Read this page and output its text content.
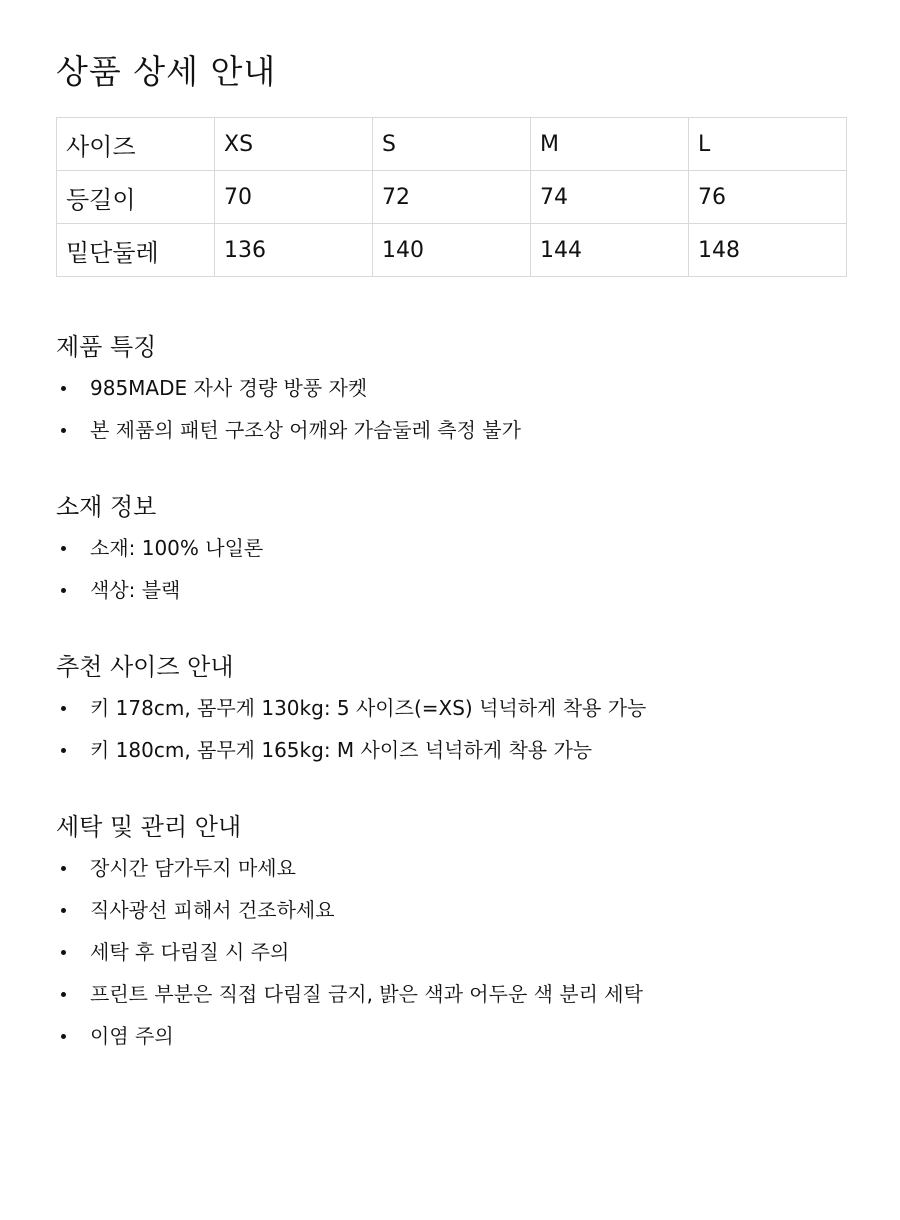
상품 상세 안내
사이즈	XS	S	M	L
등길이	70	72	74	76
밑단둘레	136	140	144	148
제품 특징
985MADE 자사 경량 방풍 자켓
본 제품의 패턴 구조상 어깨와 가슴둘레 측정 불가
소재 정보
소재: 100% 나일론
색상: 블랙
추천 사이즈 안내
키 178cm, 몸무게 130kg: 5 사이즈(=XS) 넉넉하게 착용 가능
키 180cm, 몸무게 165kg: M 사이즈 넉넉하게 착용 가능
세탁 및 관리 안내
장시간 담가두지 마세요
직사광선 피해서 건조하세요
세탁 후 다림질 시 주의
프린트 부분은 직접 다림질 금지, 밝은 색과 어두운 색 분리 세탁
이염 주의
